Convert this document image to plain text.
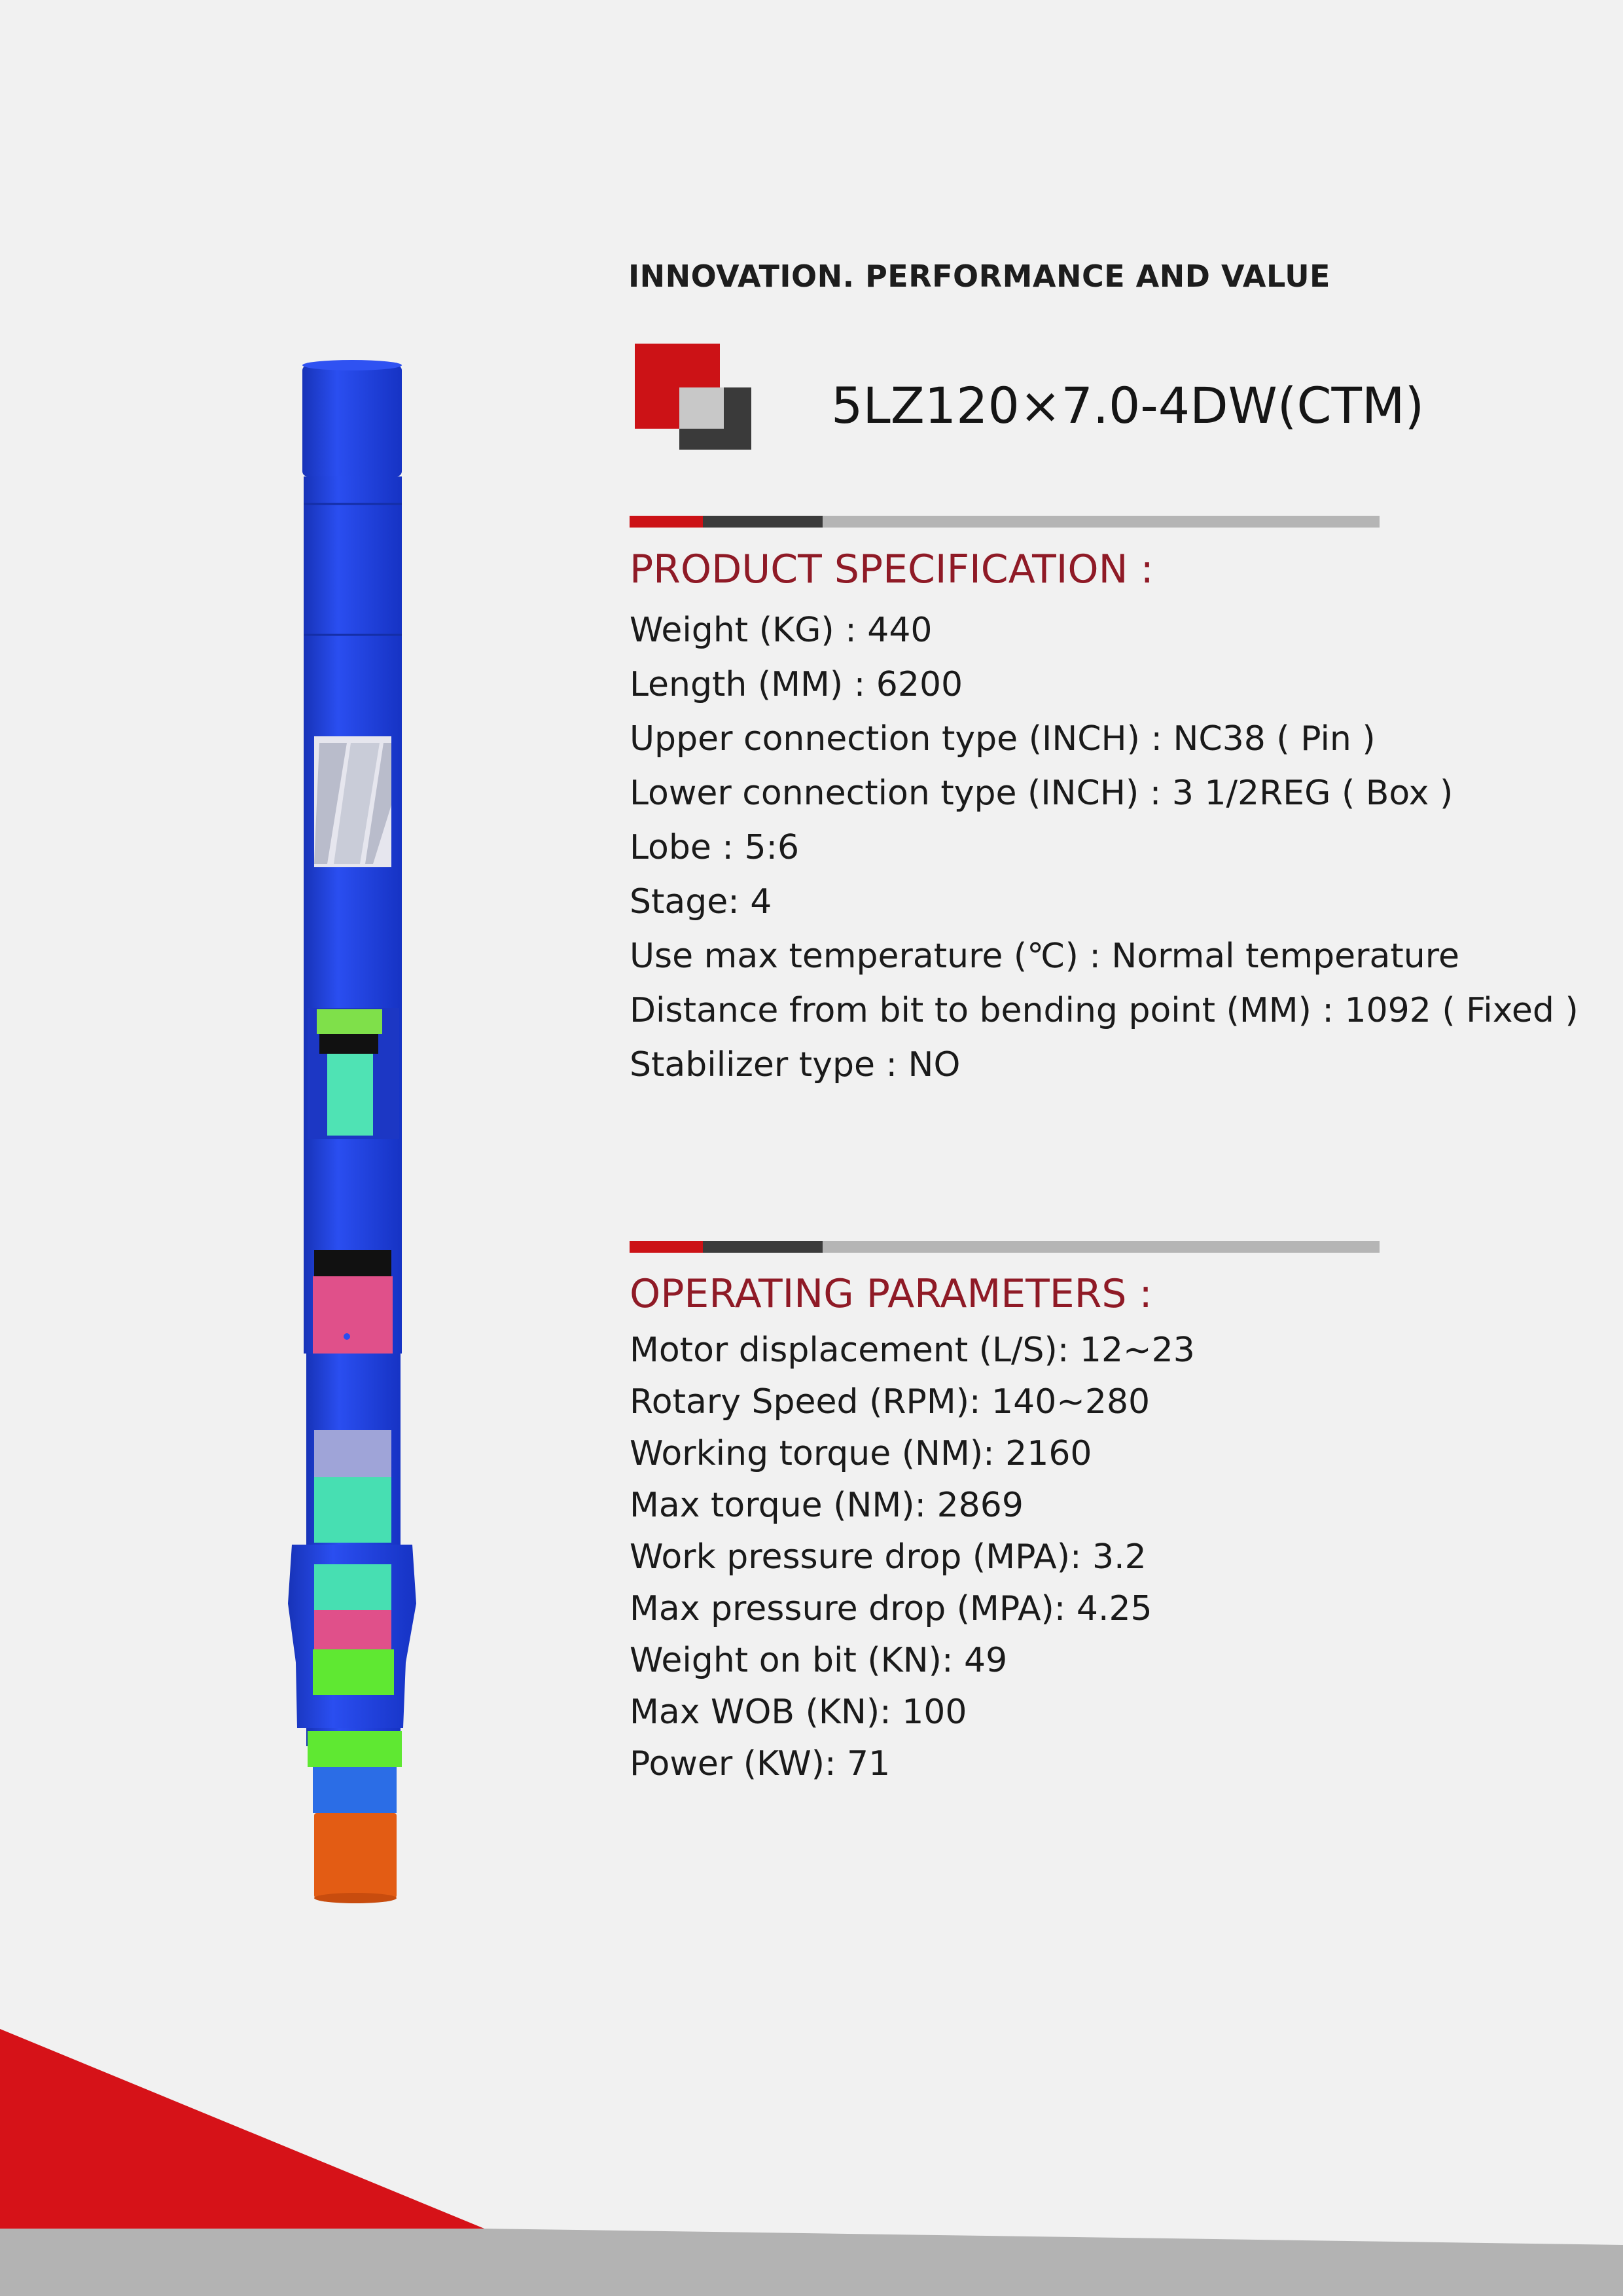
INNOVATION. PERFORMANCE AND VALUE
5LZ120×7.0-4DW(CTM)
PRODUCT SPECIFICATION :
Weight (KG) : 440
Length (MM) : 6200
Upper connection type (INCH) : NC38 ( Pin )
Lower connection type (INCH) : 3 1/2REG ( Box )
Lobe : 5:6
Stage: 4
Use max temperature (℃) : Normal temperature
Distance from bit to bending point (MM) : 1092 ( Fixed )
Stabilizer type : NO
OPERATING PARAMETERS :
Motor displacement (L/S): 12~23
Rotary Speed (RPM): 140~280
Working torque (NM): 2160
Max torque (NM): 2869
Work pressure drop (MPA): 3.2
Max pressure drop (MPA): 4.25
Weight on bit (KN): 49
Max WOB (KN): 100
Power (KW): 71
